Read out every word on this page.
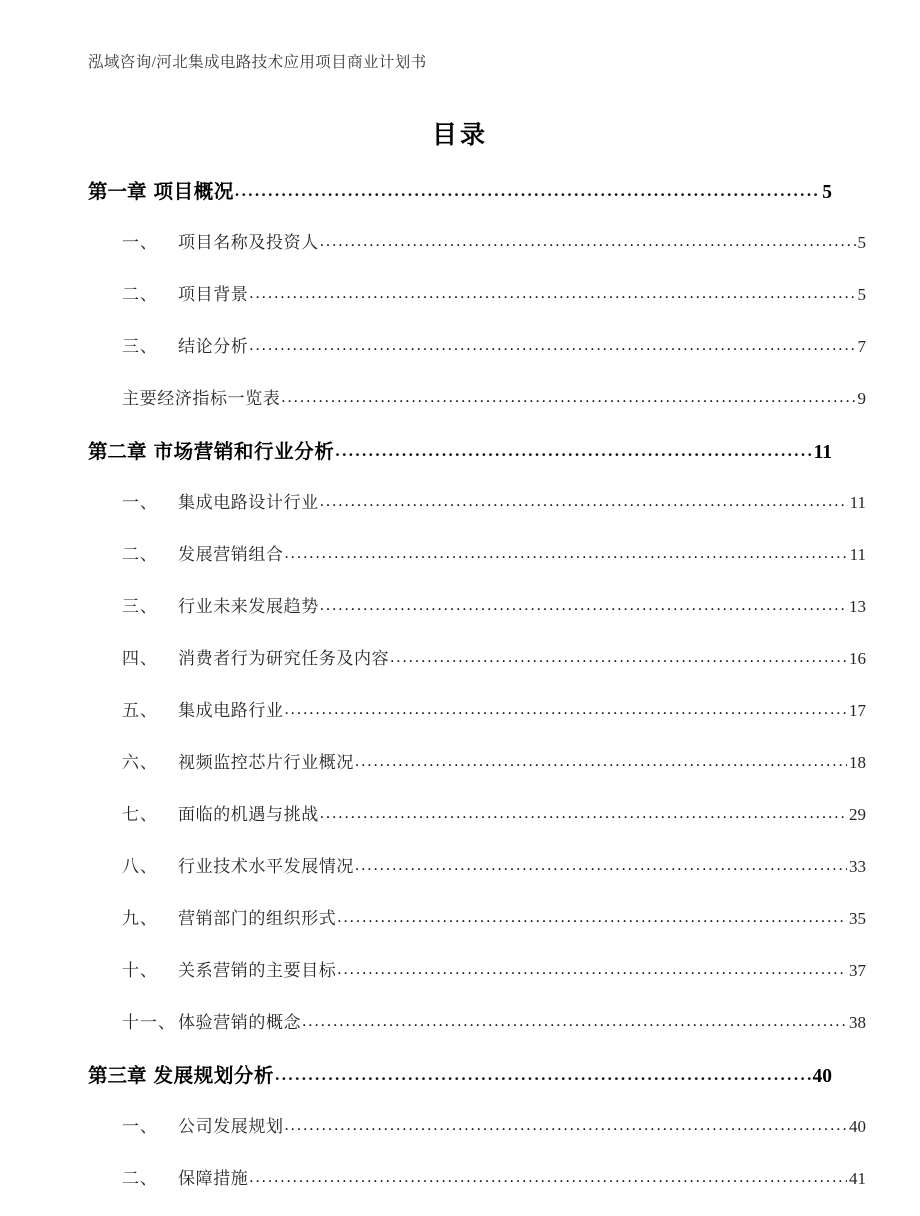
泓域咨询/河北集成电路技术应用项目商业计划书
目录
第一章 项目概况 .....	5
一、	项目名称及投资人 .....	5
二、	项目背景 .....	5
三、	结论分析 .....	7
主要经济指标一览表 .....	9
第二章 市场营销和行业分析 .....	11
一、	集成电路设计行业 .....	11
二、	发展营销组合 .....	11
三、	行业未来发展趋势 .....	13
四、	消费者行为研究任务及内容 .....	16
五、	集成电路行业 .....	17
六、	视频监控芯片行业概况 .....	18
七、	面临的机遇与挑战 .....	29
八、	行业技术水平发展情况 .....	33
九、	营销部门的组织形式 .....	35
十、	关系营销的主要目标 .....	37
十一、 体验营销的概念 .....	38
第三章 发展规划分析 .....	40
一、	公司发展规划 .....	40
二、	保障措施 .....	41
